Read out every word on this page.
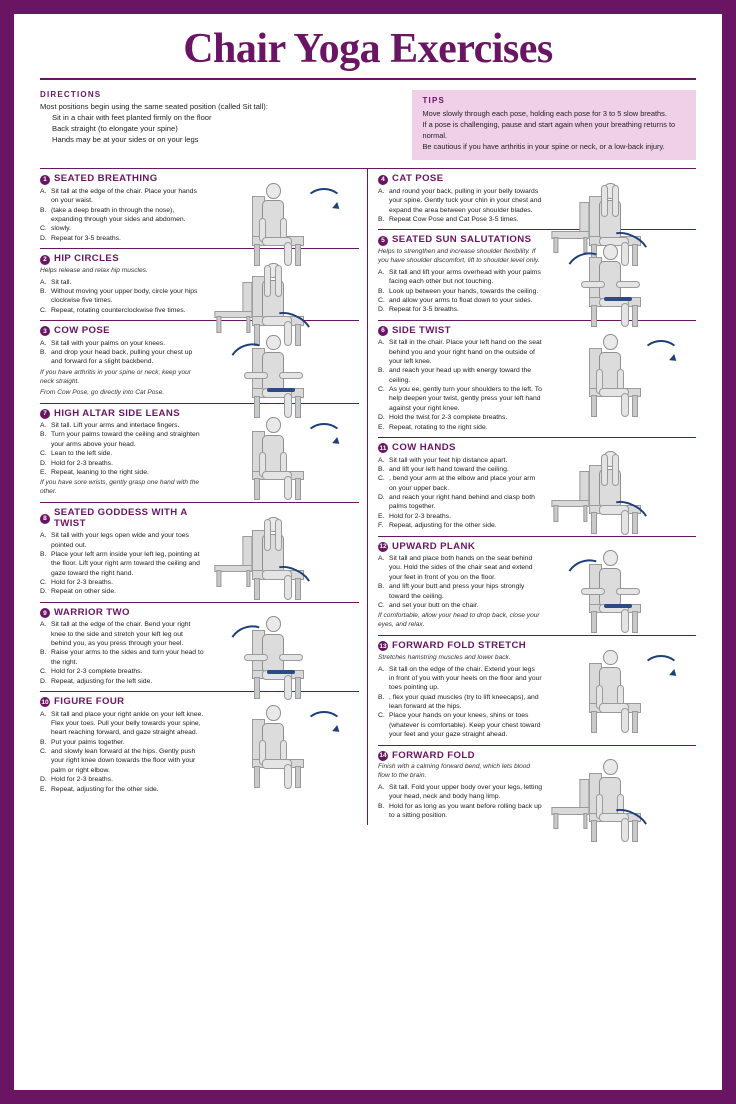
Chair Yoga Exercises
DIRECTIONS
Most positions begin using the same seated position (called Sit tall):
Sit in a chair with feet planted firmly on the floor
Back straight (to elongate your spine)
Hands may be at your sides or on your legs
TIPS
Move slowly through each pose, holding each pose for 3 to 5 slow breaths.
If a pose is challenging, pause and start again when your breathing returns to normal.
Be cautious if you have arthritis in your spine or neck, or a low-back injury.
1 SEATED BREATHING
A. Sit tall at the edge of the chair. Place your hands on your waist.
B. (take a deep breath in through the nose), expanding through your sides and abdomen.
C. slowly.
D. Repeat for 3-5 breaths.
2 HIP CIRCLES
Helps release and relax hip muscles.
A. Sit tall.
B. Without moving your upper body, circle your hips clockwise five times.
C. Repeat, rotating counterclockwise five times.
3 COW POSE
A. Sit tall with your palms on your knees.
B. and drop your head back, pulling your chest up and forward for a slight backbend.
If you have arthritis in your spine or neck, keep your neck straight.
From Cow Pose, go directly into Cat Pose.
7 HIGH ALTAR SIDE LEANS
A. Sit tall. Lift your arms and interlace fingers.
B. Turn your palms toward the ceiling and straighten your arms above your head.
C. Lean to the left side.
D. Hold for 2-3 breaths.
E. Repeat, leaning to the right side.
If you have sore wrists, gently grasp one hand with the other.
8
SEATED GODDESS WITH A TWIST
A. Sit tall with your legs open wide and your toes pointed out.
B. Place your left arm inside your left leg, pointing at the floor. Lift your right arm toward the ceiling and gaze toward the right hand.
C. Hold for 2-3 breaths.
D. Repeat on other side.
9 WARRIOR TWO
A. Sit tall at the edge of the chair. Bend your right knee to the side and stretch your left leg out behind you, as you press through your heel.
B. Raise your arms to the sides and turn your head to the right.
C. Hold for 2-3 complete breaths.
D. Repeat, adjusting for the left side.
10 FIGURE FOUR
A. Sit tall and place your right ankle on your left knee. Flex your toes. Pull your belly towards your spine, heart reaching forward, and gaze straight ahead.
B. Put your palms together.
C. and slowly lean forward at the hips. Gently push your right knee down towards the floor with your palm or right elbow.
D. Hold for 2-3 breaths.
E. Repeat, adjusting for the other side.
4 CAT POSE
A. and round your back, pulling in your belly towards your spine. Gently tuck your chin in your chest and expand the area between your shoulder blades.
B. Repeat Cow Pose and Cat Pose 3-5 times.
5 SEATED SUN SALUTATIONS
Helps to strengthen and increase shoulder flexibility. If you have shoulder discomfort, lift to shoulder level only.
A. Sit tall and lift your arms overhead with your palms facing each other but not touching.
B. Look up between your hands, towards the ceiling.
C. and allow your arms to float down to your sides.
D. Repeat for 3-5 breaths.
6 SIDE TWIST
A. Sit tall in the chair. Place your left hand on the seat behind you and your right hand on the outside of your left knee.
B. and reach your head up with energy toward the ceiling.
C. As you ee, gently turn your shoulders to the left. To help deepen your twist, gently press your left hand against your right knee.
D. Hold the twist for 2-3 complete breaths.
E. Repeat, rotating to the right side.
11 COW HANDS
A. Sit tall with your feet hip distance apart.
B. and lift your left hand toward the ceiling.
C. , bend your arm at the elbow and place your arm on your upper back.
D. and reach your right hand behind and clasp both palms together.
E. Hold for 2-3 breaths.
F. Repeat, adjusting for the other side.
12 UPWARD PLANK
A. Sit tall and place both hands on the seat behind you. Hold the sides of the chair seat and extend your feet in front of you on the floor.
B. and lift your butt and press your hips strongly toward the ceiling.
C. and set your butt on the chair.
If comfortable, allow your head to drop back, close your eyes, and relax.
13 FORWARD FOLD STRETCH
Stretches hamstring muscles and lower back.
A. Sit tall on the edge of the chair. Extend your legs in front of you with your heels on the floor and your toes pointing up.
B. , flex your quad muscles (try to lift kneecaps), and lean forward at the hips.
C. Place your hands on your knees, shins or toes (whatever is comfortable). Keep your chest toward your feet and your gaze straight ahead.
14 FORWARD FOLD
Finish with a calming forward bend, which lets blood flow to the brain.
A. Sit tall. Fold your upper body over your legs, letting your head, neck and body hang limp.
B. Hold for as long as you want before rolling back up to a sitting position.
